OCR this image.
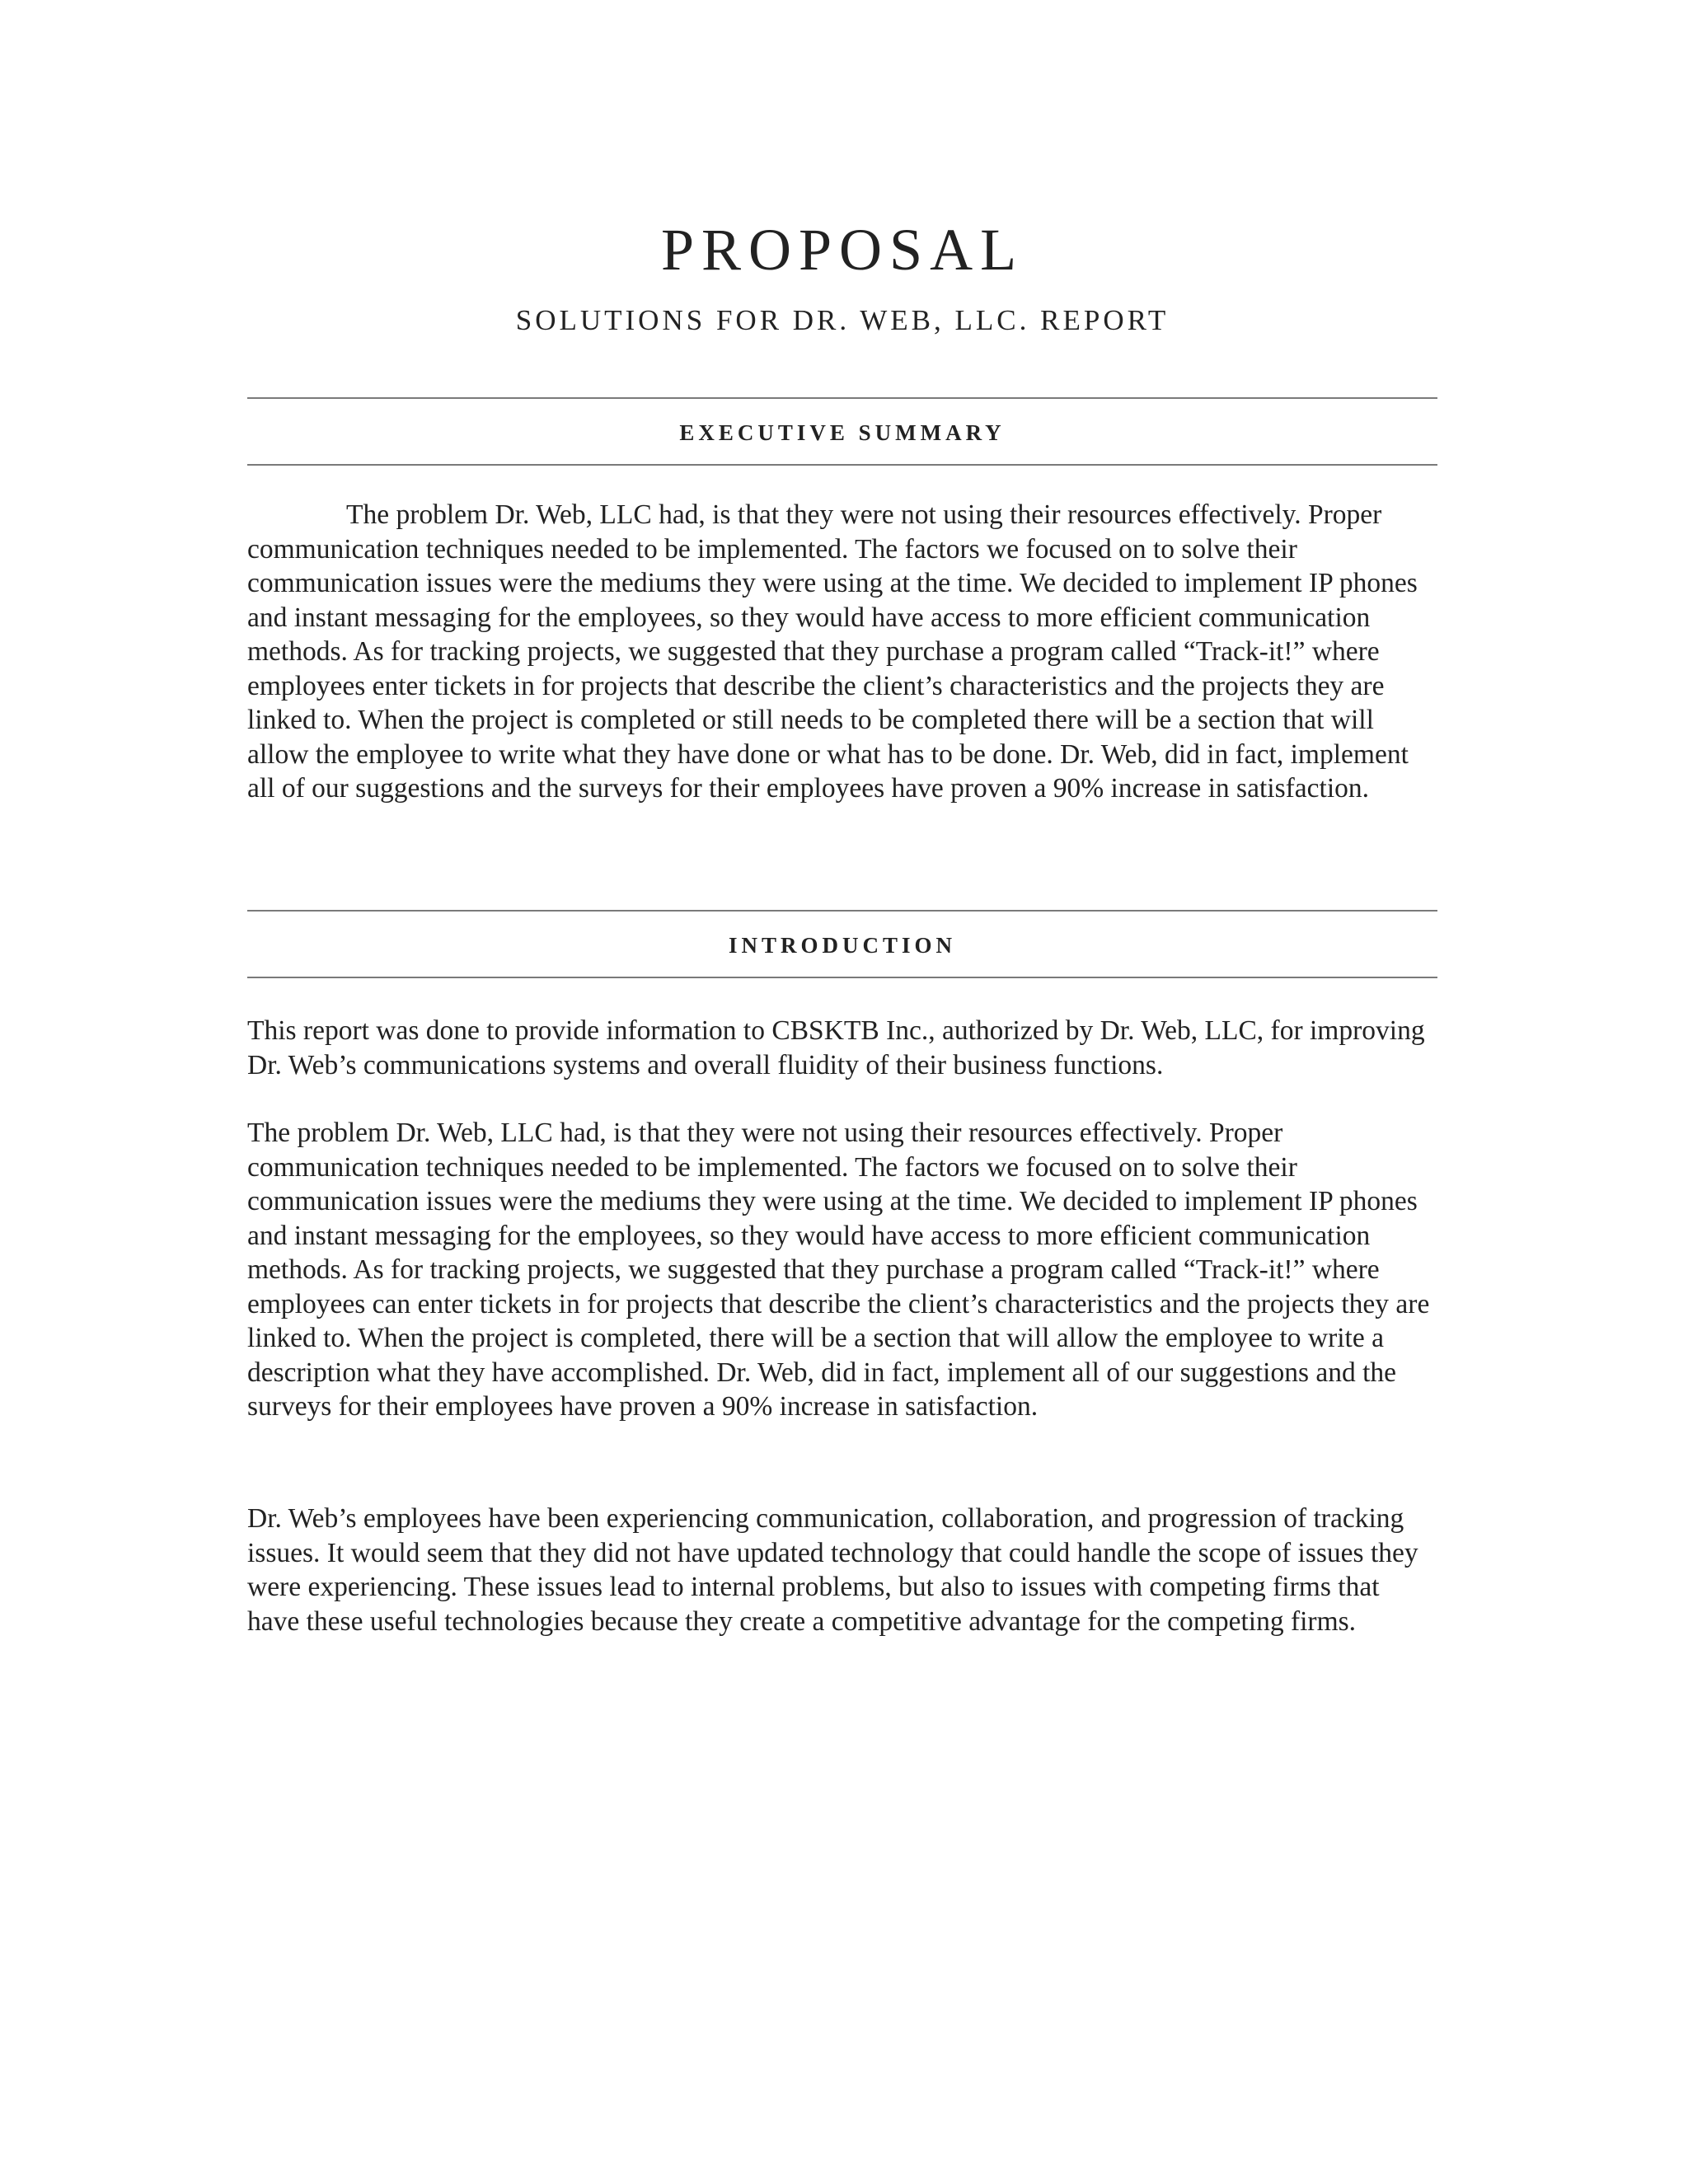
PROPOSAL

SOLUTIONS FOR DR. WEB, LLC. REPORT

EXECUTIVE SUMMARY

The problem Dr. Web, LLC had, is that they were not using their resources effectively. Proper communication techniques needed to be implemented. The factors we focused on to solve their communication issues were the mediums they were using at the time. We decided to implement IP phones and instant messaging for the employees, so they would have access to more efficient communication methods. As for tracking projects, we suggested that they purchase a program called “Track-it!” where employees enter tickets in for projects that describe the client’s characteristics and the projects they are linked to. When the project is completed or still needs to be completed there will be a section that will allow the employee to write what they have done or what has to be done. Dr. Web, did in fact, implement all of our suggestions and the surveys for their employees have proven a 90% increase in satisfaction.

INTRODUCTION

This report was done to provide information to CBSKTB Inc., authorized by Dr. Web, LLC, for improving Dr. Web’s communications systems and overall fluidity of their business functions.

The problem Dr. Web, LLC had, is that they were not using their resources effectively. Proper communication techniques needed to be implemented. The factors we focused on to solve their communication issues were the mediums they were using at the time. We decided to implement IP phones and instant messaging for the employees, so they would have access to more efficient communication methods. As for tracking projects, we suggested that they purchase a program called “Track-it!” where employees can enter tickets in for projects that describe the client’s characteristics and the projects they are linked to. When the project is completed, there will be a section that will allow the employee to write a description what they have accomplished. Dr. Web, did in fact, implement all of our suggestions and the surveys for their employees have proven a 90% increase in satisfaction.

Dr. Web’s employees have been experiencing communication, collaboration, and progression of tracking issues. It would seem that they did not have updated technology that could handle the scope of issues they were experiencing. These issues lead to internal problems, but also to issues with competing firms that have these useful technologies because they create a competitive advantage for the competing firms.
